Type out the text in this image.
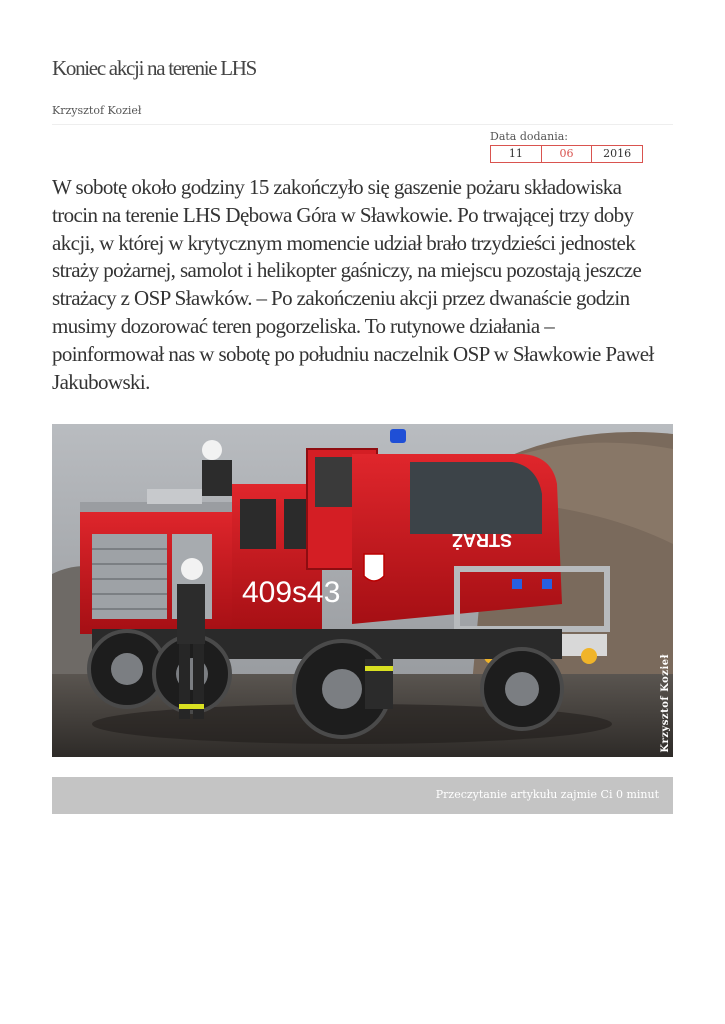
Koniec akcji na terenie LHS
Krzysztof Kozieł
Data dodania:
11	06	2016

W sobotę około godziny 15 zakończyło się gaszenie pożaru składowiska trocin na terenie LHS Dębowa Góra w Sławkowie. Po trwającej trzy doby akcji, w której w krytycznym momencie udział brało trzydzieści jednostek straży pożarnej, samolot i helikopter gaśniczy, na miejscu pozostają jeszcze strażacy z OSP Sławków. – Po zakończeniu akcji przez dwanaście godzin musimy dozorować teren pogorzeliska. To rutynowe działania – poinformował nas w sobotę po południu naczelnik OSP w Sławkowie Paweł Jakubowski.

STRAŻ
409s43
Krzysztof Kozieł
Przeczytanie artykułu zajmie Ci 0 minut
